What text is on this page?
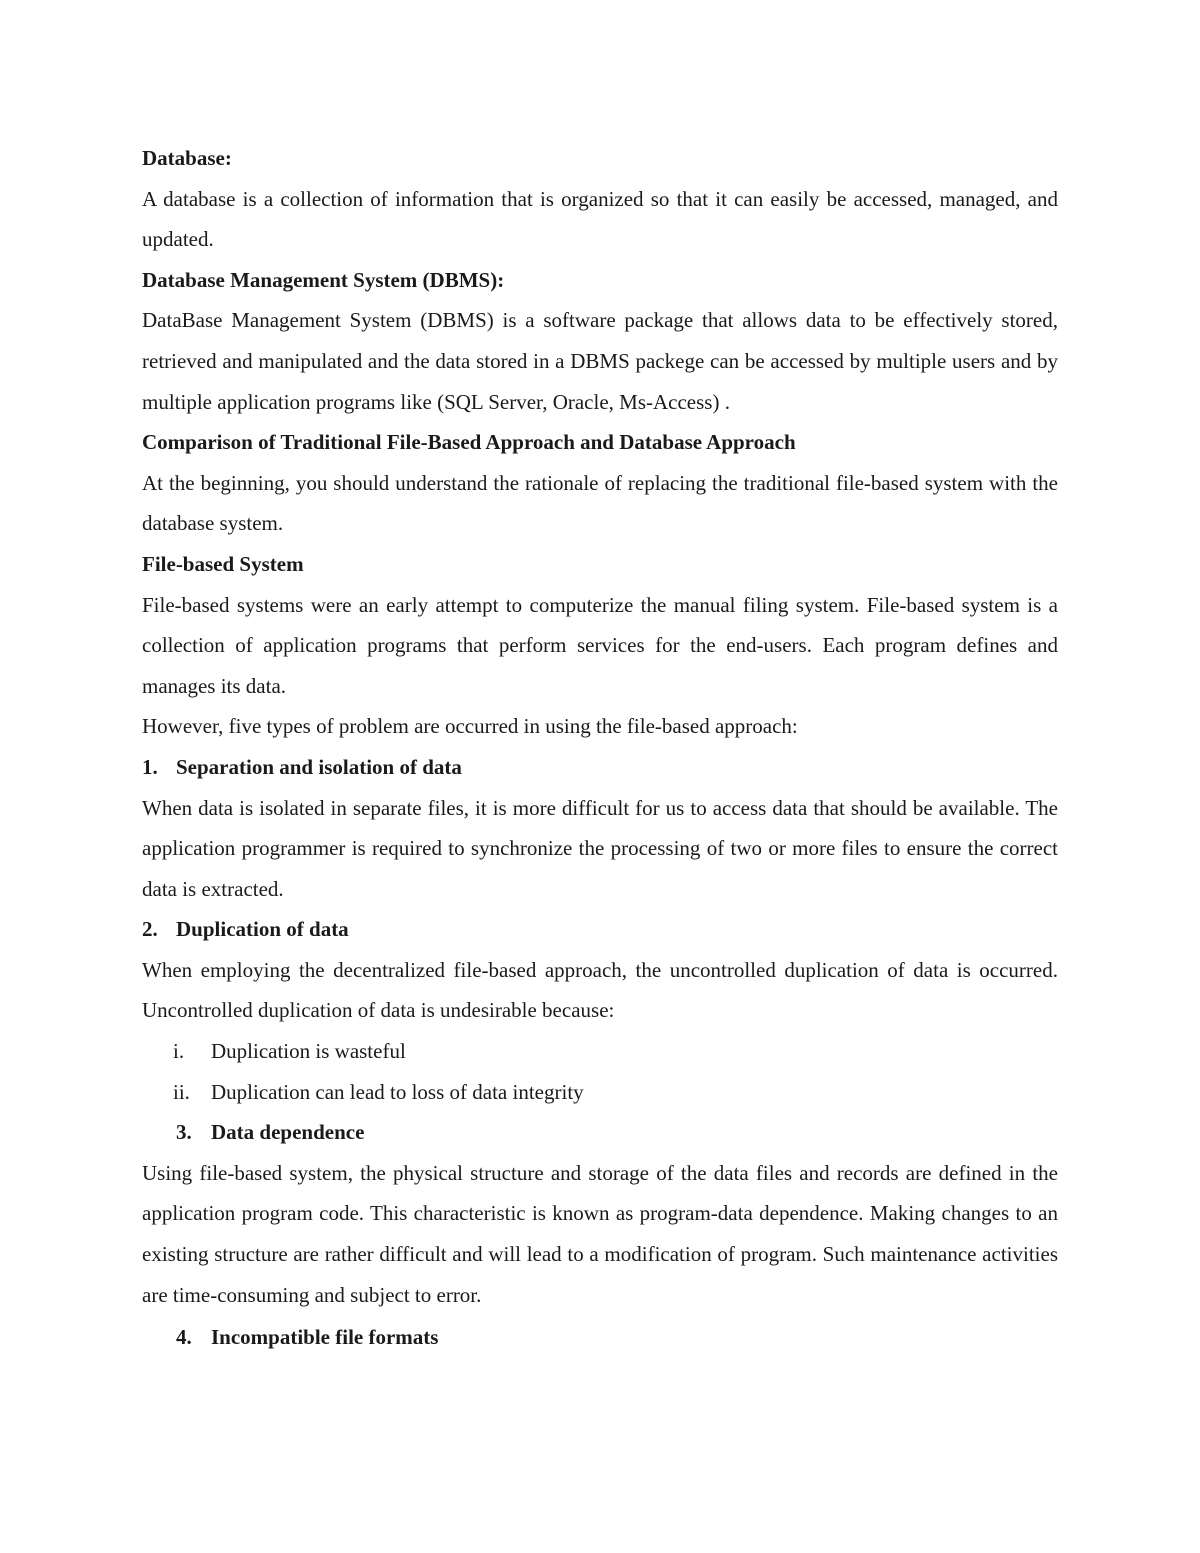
Database:

A database is a collection of information that is organized so that it can easily be accessed, managed, and updated.

Database Management System (DBMS):

DataBase Management System (DBMS) is a software package that allows data to be effectively stored, retrieved and manipulated and the data stored in a DBMS packege can be accessed by multiple users and by multiple application programs like (SQL Server, Oracle, Ms-Access) .

Comparison of Traditional File-Based Approach and Database Approach

At the beginning, you should understand the rationale of replacing the traditional file-based system with the database system.

File-based System

File-based systems were an early attempt to computerize the manual filing system. File-based system is a collection of application programs that perform services for the end-users. Each program defines and manages its data.

However, five types of problem are occurred in using the file-based approach:

1. Separation and isolation of data

When data is isolated in separate files, it is more difficult for us to access data that should be available. The application programmer is required to synchronize the processing of two or more files to ensure the correct data is extracted.

2. Duplication of data

When employing the decentralized file-based approach, the uncontrolled duplication of data is occurred. Uncontrolled duplication of data is undesirable because:

i. Duplication is wasteful

ii. Duplication can lead to loss of data integrity

3. Data dependence

Using file-based system, the physical structure and storage of the data files and records are defined in the application program code. This characteristic is known as program-data dependence. Making changes to an existing structure are rather difficult and will lead to a modification of program. Such maintenance activities are time-consuming and subject to error.

4. Incompatible file formats
